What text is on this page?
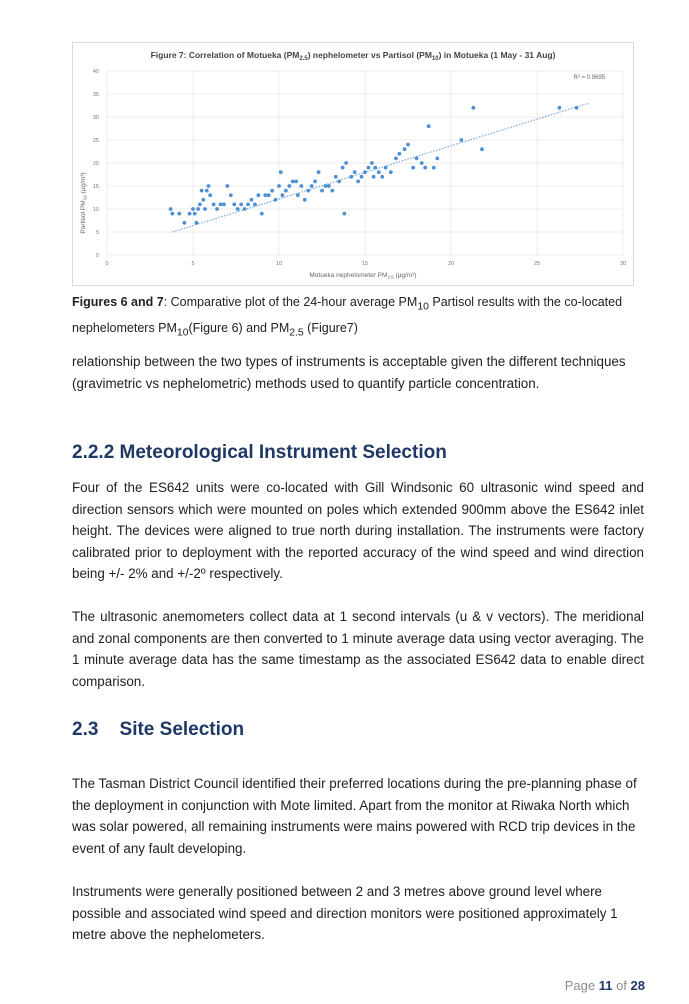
0
5
10
15
20
25
30
35
40
0	5	10	15	20	25	30
Figure 7: Correlation of Motueka $(PM_{2.5})$ nephelometer vs Partisol $(PM_{10})$ in Motueka (1 May - 31 Aug)
Motueka nephelometer $PM_{2.5}$ (µg/m³)
Partisol $PM_{10}$ (µg/m³)
R² = 0.9695
Figures 6 and 7: Comparative plot of the 24-hour average $PM_{10}$ Partisol results with the co-located nephelometers $PM_{10}(Figure$ 6) and $PM_{2.5}$ (Figure7)

relationship between the two types of instruments is acceptable given the different techniques (gravimetric vs nephelometric) methods used to quantify particle concentration.

2.2.2 Meteorological Instrument Selection

Four of the ES642 units were co-located with Gill Windsonic 60 ultrasonic wind speed and direction sensors which were mounted on poles which extended 900mm above the ES642 inlet height. The devices were aligned to true north during installation. The instruments were factory calibrated prior to deployment with the reported accuracy of the wind speed and wind direction being +/- 2% and +/-2º respectively.

The ultrasonic anemometers collect data at 1 second intervals (u & v vectors). The meridional and zonal components are then converted to 1 minute average data using vector averaging. The 1 minute average data has the same timestamp as the associated ES642 data to enable direct comparison.

2.3    Site Selection

The Tasman District Council identified their preferred locations during the pre-planning phase of the deployment in conjunction with Mote limited. Apart from the monitor at Riwaka North which was solar powered, all remaining instruments were mains powered with RCD trip devices in the event of any fault developing.

Instruments were generally positioned between 2 and 3 metres above ground level where possible and associated wind speed and direction monitors were positioned approximately 1 metre above the nephelometers.

Page 11 of 28
